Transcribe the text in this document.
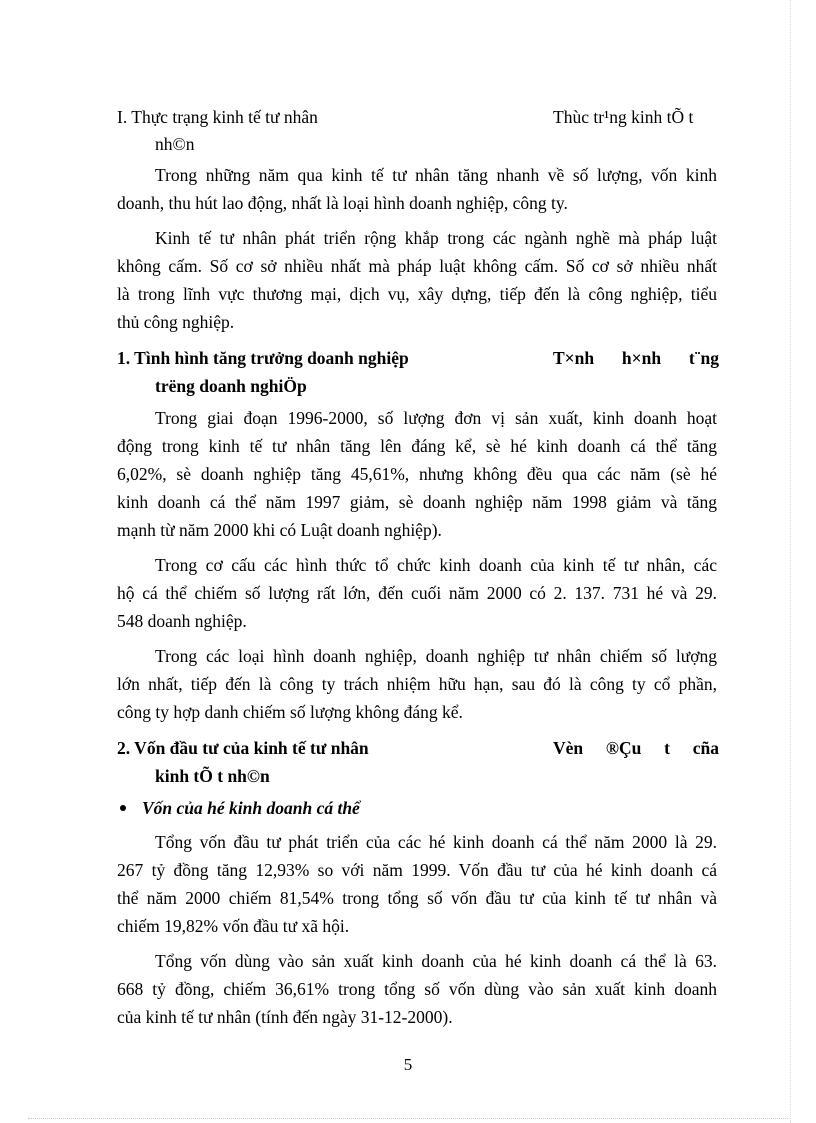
I. Thực trạng kinh tế tư nhân	Thùc tr¹ng kinh tÕ t
nh©n
Trong những năm qua kinh tế tư nhân tăng nhanh về số lượng, vốn kinh
doanh, thu hút lao động, nhất là loại hình doanh nghiệp, công ty.
Kinh tế tư nhân phát triển rộng khắp trong các ngành nghề mà pháp luật
không cấm. Số cơ sở nhiều nhất mà pháp luật không cấm. Số cơ sở nhiều nhất
là trong lĩnh vực thương mại, dịch vụ, xây dựng, tiếp đến là công nghiệp, tiểu
thủ công nghiệp.
1. Tình hình tăng trưởng doanh nghiệp	T×nh h×nh t¨ng
trëng doanh nghiÖp
Trong giai đoạn 1996-2000, số lượng đơn vị sản xuất, kinh doanh hoạt
động trong kinh tế tư nhân tăng lên đáng kể, sè hé kinh doanh cá thể tăng
6,02%, sè doanh nghiệp tăng 45,61%, nhưng không đều qua các năm (sè hé
kinh doanh cá thể năm 1997 giảm, sè doanh nghiệp năm 1998 giảm và tăng
mạnh từ năm 2000 khi có Luật doanh nghiệp).
Trong cơ cấu các hình thức tổ chức kinh doanh của kinh tế tư nhân, các
hộ cá thể chiếm số lượng rất lớn, đến cuối năm 2000 có 2. 137. 731 hé và 29.
548 doanh nghiệp.
Trong các loại hình doanh nghiệp, doanh nghiệp tư nhân chiếm số lượng
lớn nhất, tiếp đến là công ty trách nhiệm hữu hạn, sau đó là công ty cổ phần,
công ty hợp danh chiếm số lượng không đáng kể.
2. Vốn đầu tư của kinh tế tư nhân	Vèn ®Çu t cña
kinh tÕ t nh©n
Vốn của hé kinh doanh cá thể
Tổng vốn đầu tư phát triển của các hé kinh doanh cá thể năm 2000 là 29.
267 tỷ đồng tăng 12,93% so với năm 1999. Vốn đầu tư của hé kinh doanh cá
thể năm 2000 chiếm 81,54% trong tổng số vốn đầu tư của kinh tế tư nhân và
chiếm 19,82% vốn đầu tư xã hội.
Tổng vốn dùng vào sản xuất kinh doanh của hé kinh doanh cá thể là 63.
668 tỷ đồng, chiếm 36,61% trong tổng số vốn dùng vào sản xuất kinh doanh
của kinh tế tư nhân (tính đến ngày 31-12-2000).
5
